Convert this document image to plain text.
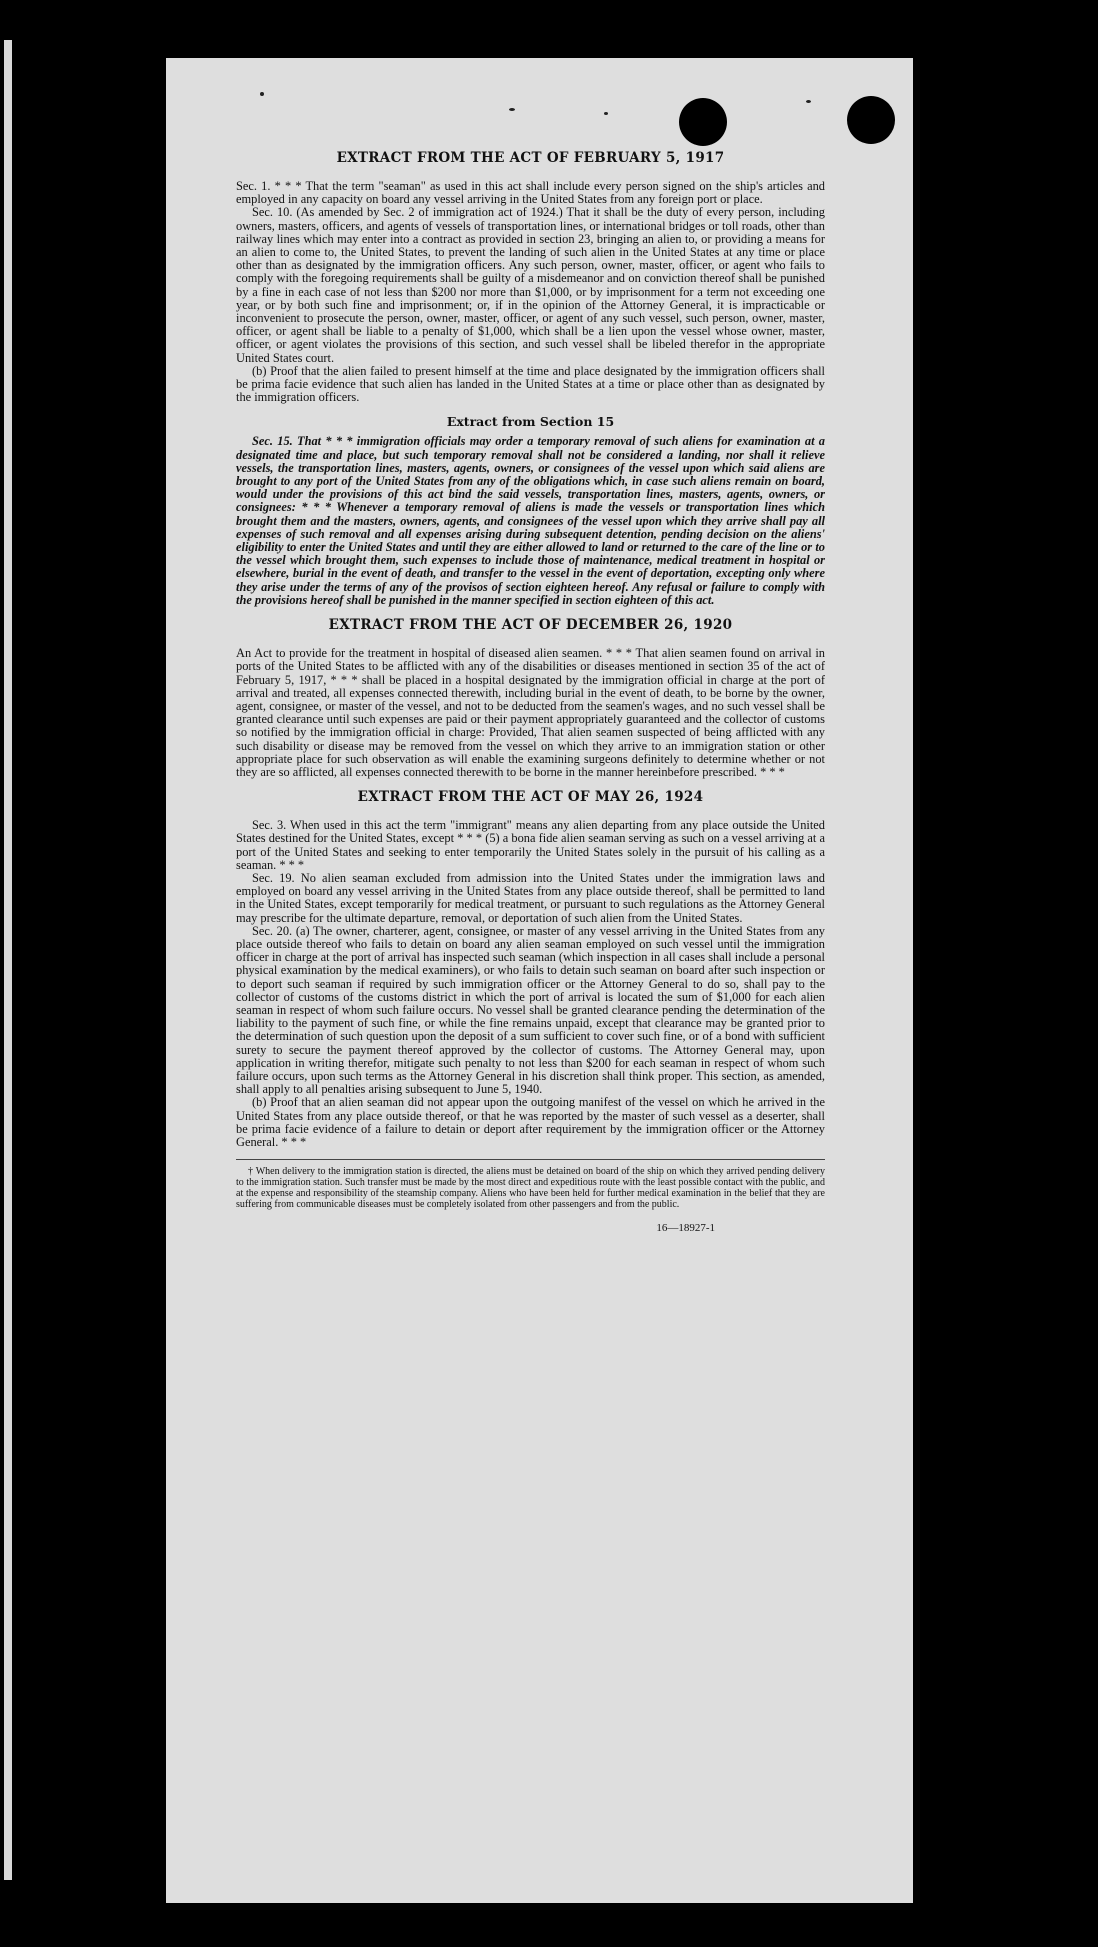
EXTRACT FROM THE ACT OF FEBRUARY 5, 1917

Sec. 1. * * * That the term "seaman" as used in this act shall include every person signed on the ship's articles and employed in any capacity on board any vessel arriving in the United States from any foreign port or place.

Sec. 10. (As amended by Sec. 2 of immigration act of 1924.) That it shall be the duty of every person, including owners, masters, officers, and agents of vessels of transportation lines, or international bridges or toll roads, other than railway lines which may enter into a contract as provided in section 23, bringing an alien to, or providing a means for an alien to come to, the United States, to prevent the landing of such alien in the United States at any time or place other than as designated by the immigration officers. Any such person, owner, master, officer, or agent who fails to comply with the foregoing requirements shall be guilty of a misdemeanor and on conviction thereof shall be punished by a fine in each case of not less than $200 nor more than $1,000, or by imprisonment for a term not exceeding one year, or by both such fine and imprisonment; or, if in the opinion of the Attorney General, it is impracticable or inconvenient to prosecute the person, owner, master, officer, or agent of any such vessel, such person, owner, master, officer, or agent shall be liable to a penalty of $1,000, which shall be a lien upon the vessel whose owner, master, officer, or agent violates the provisions of this section, and such vessel shall be libeled therefor in the appropriate United States court.

(b) Proof that the alien failed to present himself at the time and place designated by the immigration officers shall be prima facie evidence that such alien has landed in the United States at a time or place other than as designated by the immigration officers.

Extract from Section 15

Sec. 15. That * * * immigration officials may order a temporary removal of such aliens for examination at a designated time and place, but such temporary removal shall not be considered a landing, nor shall it relieve vessels, the transportation lines, masters, agents, owners, or consignees of the vessel upon which said aliens are brought to any port of the United States from any of the obligations which, in case such aliens remain on board, would under the provisions of this act bind the said vessels, transportation lines, masters, agents, owners, or consignees: * * * Whenever a temporary removal of aliens is made the vessels or transportation lines which brought them and the masters, owners, agents, and consignees of the vessel upon which they arrive shall pay all expenses of such removal and all expenses arising during subsequent detention, pending decision on the aliens' eligibility to enter the United States and until they are either allowed to land or returned to the care of the line or to the vessel which brought them, such expenses to include those of maintenance, medical treatment in hospital or elsewhere, burial in the event of death, and transfer to the vessel in the event of deportation, excepting only where they arise under the terms of any of the provisos of section eighteen hereof. Any refusal or failure to comply with the provisions hereof shall be punished in the manner specified in section eighteen of this act.

EXTRACT FROM THE ACT OF DECEMBER 26, 1920

An Act to provide for the treatment in hospital of diseased alien seamen. * * * That alien seamen found on arrival in ports of the United States to be afflicted with any of the disabilities or diseases mentioned in section 35 of the act of February 5, 1917, * * * shall be placed in a hospital designated by the immigration official in charge at the port of arrival and treated, all expenses connected therewith, including burial in the event of death, to be borne by the owner, agent, consignee, or master of the vessel, and not to be deducted from the seamen's wages, and no such vessel shall be granted clearance until such expenses are paid or their payment appropriately guaranteed and the collector of customs so notified by the immigration official in charge: Provided, That alien seamen suspected of being afflicted with any such disability or disease may be removed from the vessel on which they arrive to an immigration station or other appropriate place for such observation as will enable the examining surgeons definitely to determine whether or not they are so afflicted, all expenses connected therewith to be borne in the manner hereinbefore prescribed. * * *

EXTRACT FROM THE ACT OF MAY 26, 1924

Sec. 3. When used in this act the term "immigrant" means any alien departing from any place outside the United States destined for the United States, except * * * (5) a bona fide alien seaman serving as such on a vessel arriving at a port of the United States and seeking to enter temporarily the United States solely in the pursuit of his calling as a seaman. * * *

Sec. 19. No alien seaman excluded from admission into the United States under the immigration laws and employed on board any vessel arriving in the United States from any place outside thereof, shall be permitted to land in the United States, except temporarily for medical treatment, or pursuant to such regulations as the Attorney General may prescribe for the ultimate departure, removal, or deportation of such alien from the United States.

Sec. 20. (a) The owner, charterer, agent, consignee, or master of any vessel arriving in the United States from any place outside thereof who fails to detain on board any alien seaman employed on such vessel until the immigration officer in charge at the port of arrival has inspected such seaman (which inspection in all cases shall include a personal physical examination by the medical examiners), or who fails to detain such seaman on board after such inspection or to deport such seaman if required by such immigration officer or the Attorney General to do so, shall pay to the collector of customs of the customs district in which the port of arrival is located the sum of $1,000 for each alien seaman in respect of whom such failure occurs. No vessel shall be granted clearance pending the determination of the liability to the payment of such fine, or while the fine remains unpaid, except that clearance may be granted prior to the determination of such question upon the deposit of a sum sufficient to cover such fine, or of a bond with sufficient surety to secure the payment thereof approved by the collector of customs. The Attorney General may, upon application in writing therefor, mitigate such penalty to not less than $200 for each seaman in respect of whom such failure occurs, upon such terms as the Attorney General in his discretion shall think proper. This section, as amended, shall apply to all penalties arising subsequent to June 5, 1940.

(b) Proof that an alien seaman did not appear upon the outgoing manifest of the vessel on which he arrived in the United States from any place outside thereof, or that he was reported by the master of such vessel as a deserter, shall be prima facie evidence of a failure to detain or deport after requirement by the immigration officer or the Attorney General. * * *

† When delivery to the immigration station is directed, the aliens must be detained on board of the ship on which they arrived pending delivery to the immigration station. Such transfer must be made by the most direct and expeditious route with the least possible contact with the public, and at the expense and responsibility of the steamship company. Aliens who have been held for further medical examination in the belief that they are suffering from communicable diseases must be completely isolated from other passengers and from the public.
16—18927-1
